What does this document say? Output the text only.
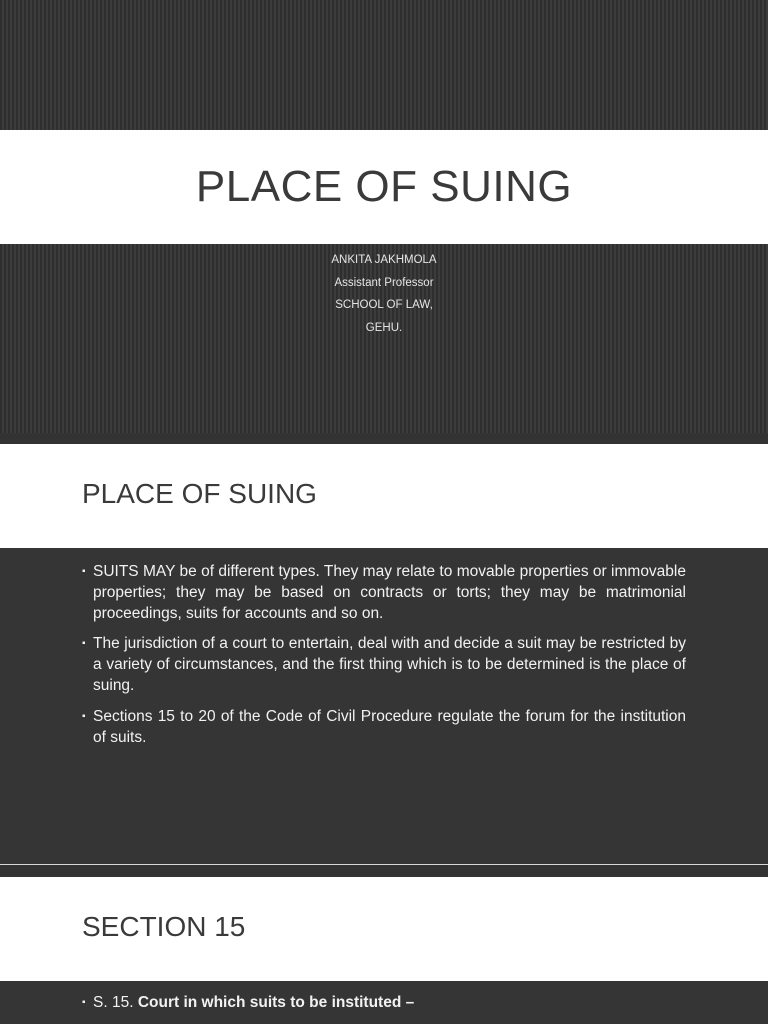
PLACE OF SUING
ANKITA JAKHMOLA
Assistant Professor
SCHOOL OF LAW,
GEHU.
PLACE OF SUING
▪ SUITS MAY be of different types. They may relate to movable properties or immovable properties; they may be based on contracts or torts; they may be matrimonial proceedings, suits for accounts and so on.
▪ The jurisdiction of a court to entertain, deal with and decide a suit may be restricted by a variety of circumstances, and the first thing which is to be determined is the place of suing.
▪ Sections 15 to 20 of the Code of Civil Procedure regulate the forum for the institution of suits.
SECTION 15
▪ S. 15. Court in which suits to be instituted –
